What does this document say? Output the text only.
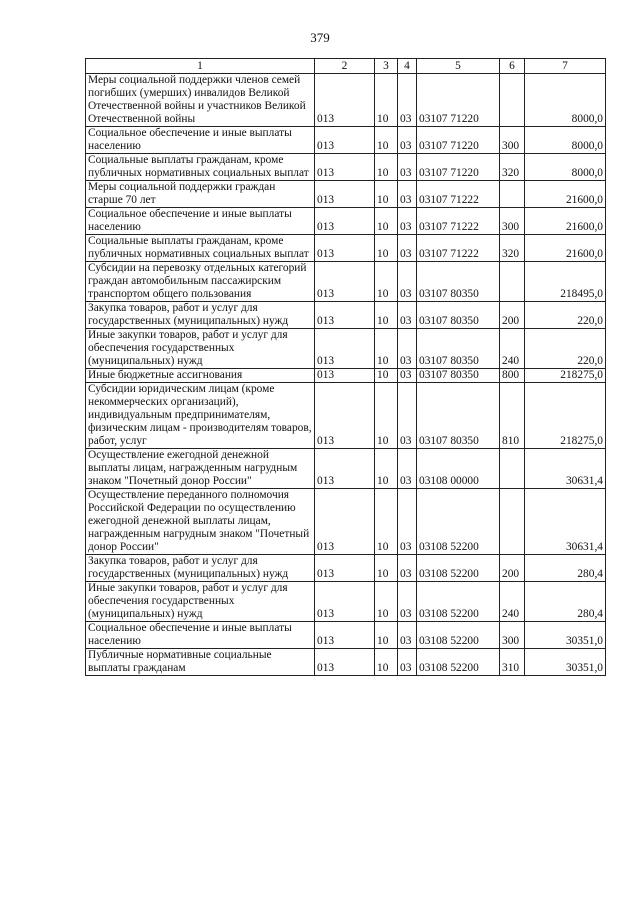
379
1	2	3	4	5	6	7
Меры социальной поддержки членов семей погибших (умерших) инвалидов Великой Отечественной войны и участников Великой Отечественной войны	013	10	03	03107 71220		8000,0
Социальное обеспечение и иные выплаты населению	013	10	03	03107 71220	300	8000,0
Социальные выплаты гражданам, кроме публичных нормативных социальных выплат	013	10	03	03107 71220	320	8000,0
Меры социальной поддержки граждан старше 70 лет	013	10	03	03107 71222		21600,0
Социальное обеспечение и иные выплаты населению	013	10	03	03107 71222	300	21600,0
Социальные выплаты гражданам, кроме публичных нормативных социальных выплат	013	10	03	03107 71222	320	21600,0
Субсидии на перевозку отдельных категорий граждан автомобильным пассажирским транспортом общего пользования	013	10	03	03107 80350		218495,0
Закупка товаров, работ и услуг для государственных (муниципальных) нужд	013	10	03	03107 80350	200	220,0
Иные закупки товаров, работ и услуг для обеспечения государственных (муниципальных) нужд	013	10	03	03107 80350	240	220,0
Иные бюджетные ассигнования	013	10	03	03107 80350	800	218275,0
Субсидии юридическим лицам (кроме некоммерческих организаций), индивидуальным предпринимателям, физическим лицам - производителям товаров, работ, услуг	013	10	03	03107 80350	810	218275,0
Осуществление ежегодной денежной выплаты лицам, награжденным нагрудным знаком "Почетный донор России"	013	10	03	03108 00000		30631,4
Осуществление переданного полномочия Российской Федерации по осуществлению ежегодной денежной выплаты лицам, награжденным нагрудным знаком "Почетный донор России"	013	10	03	03108 52200		30631,4
Закупка товаров, работ и услуг для государственных (муниципальных) нужд	013	10	03	03108 52200	200	280,4
Иные закупки товаров, работ и услуг для обеспечения государственных (муниципальных) нужд	013	10	03	03108 52200	240	280,4
Социальное обеспечение и иные выплаты населению	013	10	03	03108 52200	300	30351,0
Публичные нормативные социальные выплаты гражданам	013	10	03	03108 52200	310	30351,0
